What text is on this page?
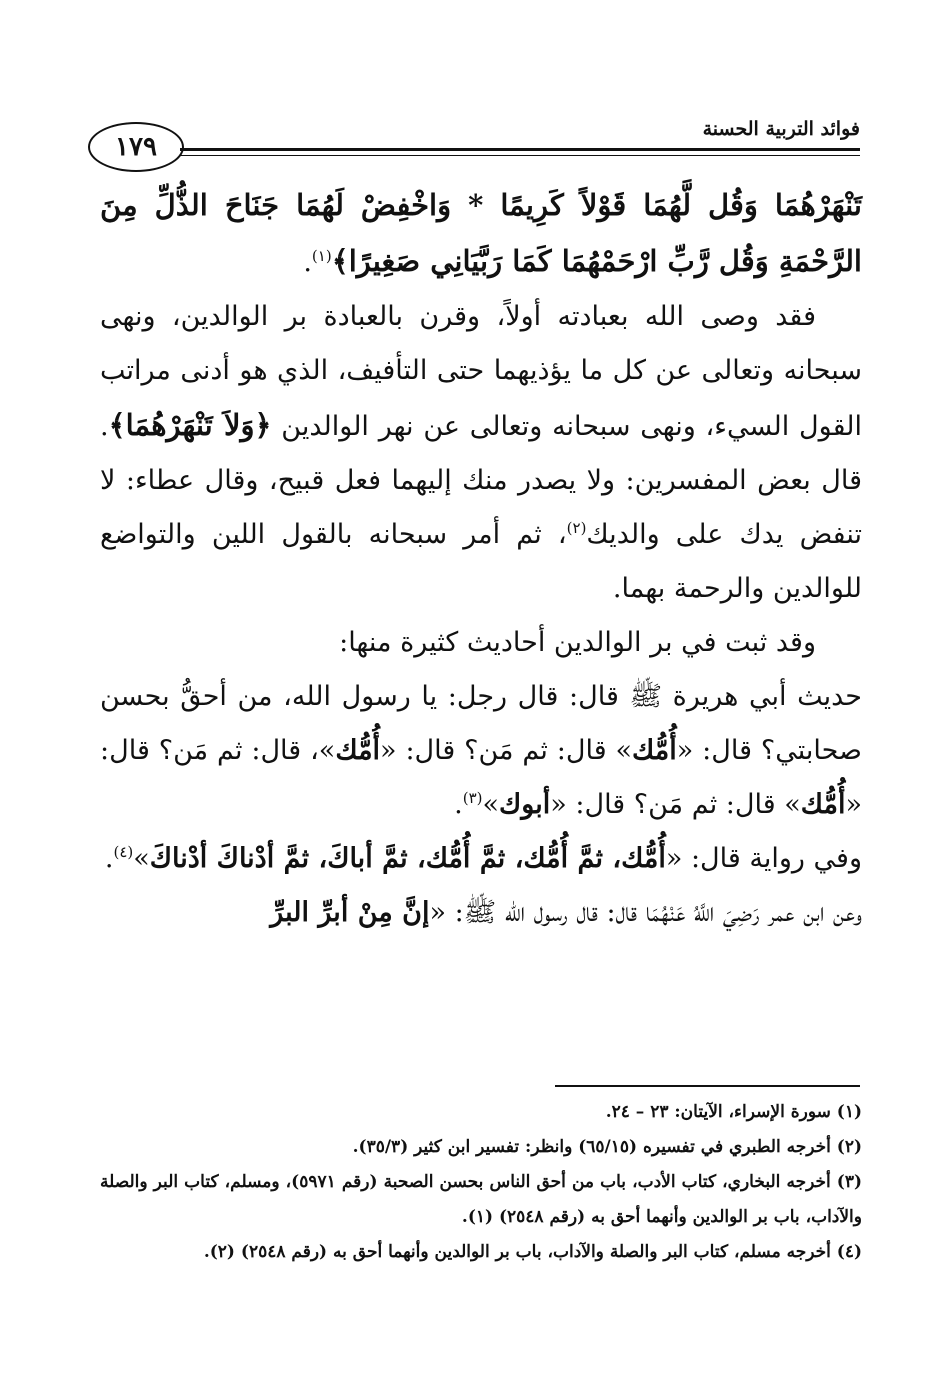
١٧٩
فوائد التربية الحسنة

تَنْهَرْهُمَا وَقُل لَّهُمَا قَوْلاً كَرِيمًا * وَاخْفِضْ لَهُمَا جَنَاحَ الذُّلِّ مِنَ الرَّحْمَةِ وَقُل رَّبِّ ارْحَمْهُمَا كَمَا رَبَّيَانِي صَغِيرًا﴾$^{(١)}$.

فقد وصى الله بعبادته أولاً، وقرن بالعبادة بر الوالدين، ونهى سبحانه وتعالى عن كل ما يؤذيهما حتى التأفيف، الذي هو أدنى مراتب القول السيء، ونهى سبحانه وتعالى عن نهر الوالدين ﴿وَلاَ تَنْهَرْهُمَا﴾. قال بعض المفسرين: ولا يصدر منك إليهما فعل قبيح، وقال عطاء: لا تنفض يدك على والديك$^{(٢)}$، ثم أمر سبحانه بالقول اللين والتواضع للوالدين والرحمة بهما.

وقد ثبت في بر الوالدين أحاديث كثيرة منها:

حديث أبي هريرة ﷺ قال: قال رجل: يا رسول الله، من أحقُّ بحسن صحابتي؟ قال: «أُمُّك» قال: ثم مَن؟ قال: «أُمُّك»، قال: ثم مَن؟ قال: «أُمُّك» قال: ثم مَن؟ قال: «أبوك»$^{(٣)}$.

وفي رواية قال: «أُمُّك، ثمَّ أُمُّك، ثمَّ أُمُّك، ثمَّ أباكَ، ثمَّ أدْناكَ أدْناكَ»$^{(٤)}$.

وعن ابن عمر رَضِيَ اللَّهُ عَنْهُمَا قال: قال رسول الله ﷺ: «إنَّ مِنْ أبرِّ البرِّ

(١) سورة الإسراء، الآيتان: ٢٣ – ٢٤.

(٢) أخرجه الطبري في تفسيره (٦٥/١٥) وانظر: تفسير ابن كثير (٣٥/٣).

(٣) أخرجه البخاري، كتاب الأدب، باب من أحق الناس بحسن الصحبة (رقم ٥٩٧١)، ومسلم، كتاب البر والصلة والآداب، باب بر الوالدين وأنهما أحق به (رقم ٢٥٤٨) (١).

(٤) أخرجه مسلم، كتاب البر والصلة والآداب، باب بر الوالدين وأنهما أحق به (رقم ٢٥٤٨) (٢).
